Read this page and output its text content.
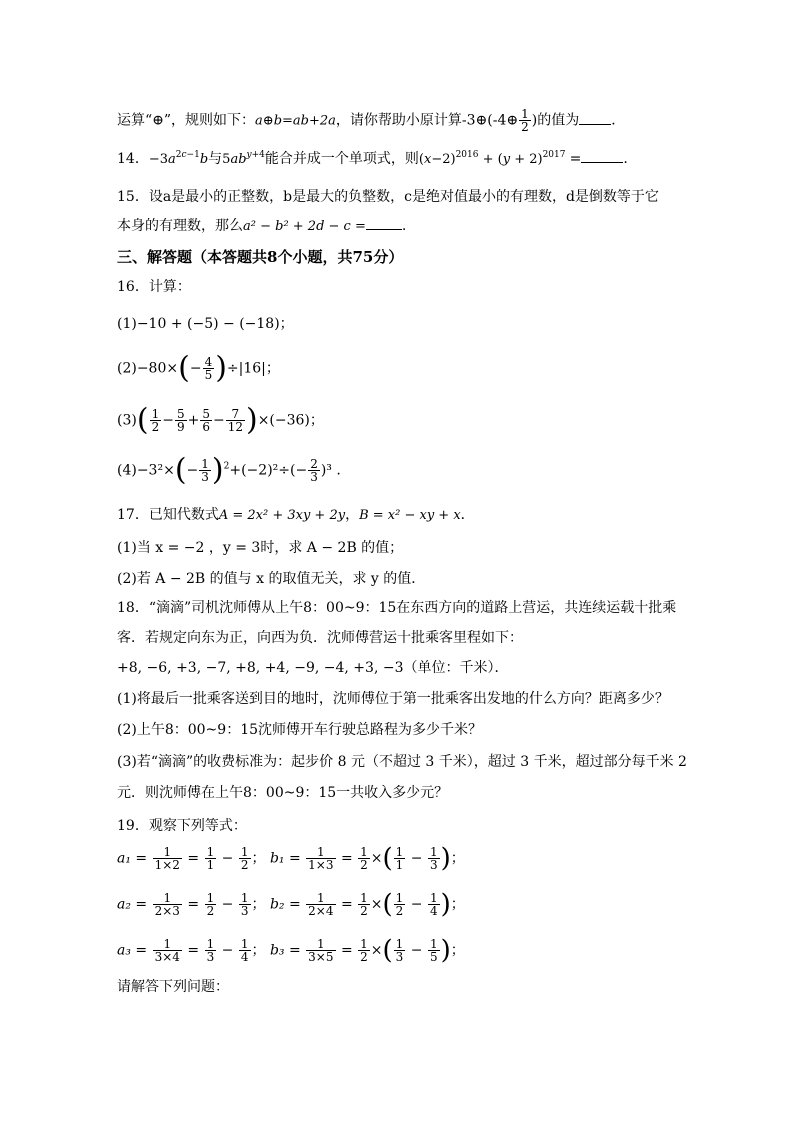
运算“⊕”，规则如下：a⊕b=ab+2a，请你帮助小原计算-3⊕(-4⊕ $\frac{1}{2}$ )的值为 ．
14．$-3a^{2c-1}b$与$5ab^{y+4}$能合并成一个单项式，则$(x-2)^{2016} + (y + 2)^{2017}$ =	.
15．设a是最小的正整数，b是最大的负整数，c是绝对值最小的有理数，d是倒数等于它
本身的有理数，那么a² − b² + 2d − c =	.
三、解答题（本答题共8个小题，共75分）
16．计算：
(1)−10 + (−5) − (−18)；
$(2)-80\times(- \frac{4}{5} )\div|16|$；
$(3)( \frac{1}{2} - \frac{5}{9} + \frac{5}{6} - \frac{7}{12} )\times(-36)$；
$(4)-3^2\times(- \frac{1}{3} )^2+(-2)^2\div(- \frac{2}{3} )^3$ .
17．已知代数式A = 2x² + 3xy + 2y，B = x² − xy + x．
(1)当 x = −2 ，y = 3时，求 A − 2B 的值；
(2)若 A − 2B 的值与 x 的取值无关，求 y 的值．
18．“滴滴”司机沈师傅从上午8：00~9：15在东西方向的道路上营运，共连续运载十批乘
客．若规定向东为正，向西为负．沈师傅营运十批乘客里程如下：
+8, −6, +3, −7, +8, +4, −9, −4, +3, −3（单位：千米）．
(1)将最后一批乘客送到目的地时，沈师傅位于第一批乘客出发地的什么方向？距离多少？
(2)上午8：00~9：15沈师傅开车行驶总路程为多少千米？
(3)若“滴滴”的收费标准为：起步价 8 元（不超过 3 千米），超过 3 千米，超过部分每千米 2
元．则沈师傅在上午8：00~9：15一共收入多少元？
19．观察下列等式：
$a_1 = \frac{1}{1\times 2} = \frac{1}{1} - \frac{1}{2}$ ； $b_1 = \frac{1}{1\times 3} = \frac{1}{2}$ ×( $\frac{1}{1} - \frac{1}{3}$ )；
$a_2 = \frac{1}{2\times 3} = \frac{1}{2} - \frac{1}{3}$ ； $b_2 = \frac{1}{2\times 4} = \frac{1}{2}$ ×( $\frac{1}{2} - \frac{1}{4}$ )；
$a_3 = \frac{1}{3\times 4} = \frac{1}{3} - \frac{1}{4}$ ； $b_3 = \frac{1}{3\times 5} = \frac{1}{2}$ ×( $\frac{1}{3} - \frac{1}{5}$ )；
请解答下列问题：
